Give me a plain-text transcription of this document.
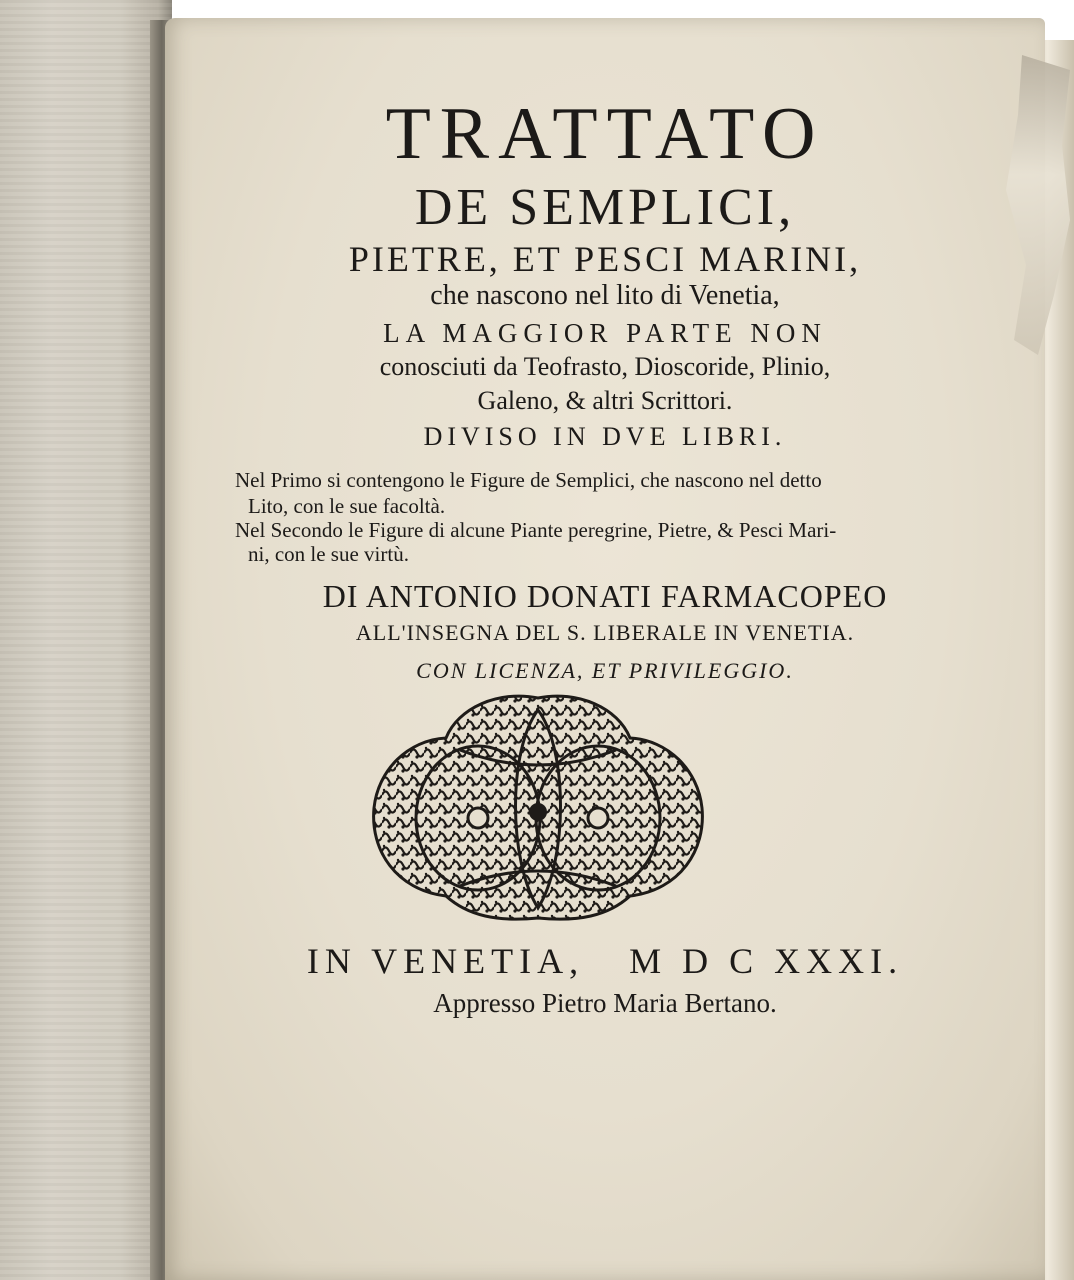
TRATTATO
DE SEMPLICI,
PIETRE, ET PESCI MARINI,
che nascono nel lito di Venetia,
LA MAGGIOR PARTE NON
conosciuti da Teofrasto, Dioscoride, Plinio,
Galeno, & altri Scrittori.
DIVISO IN DVE LIBRI.
Nel Primo si contengono le Figure de Semplici, che nascono nel detto
Lito, con le sue facoltà.
Nel Secondo le Figure di alcune Piante peregrine, Pietre, & Pesci Mari-
ni, con le sue virtù.
DI ANTONIO DONATI FARMACOPEO
ALL'INSEGNA DEL S. LIBERALE IN VENETIA.
CON LICENZA, ET PRIVILEGGIO.
IN VENETIA,   M D C XXXI.
Appresso Pietro Maria Bertano.
